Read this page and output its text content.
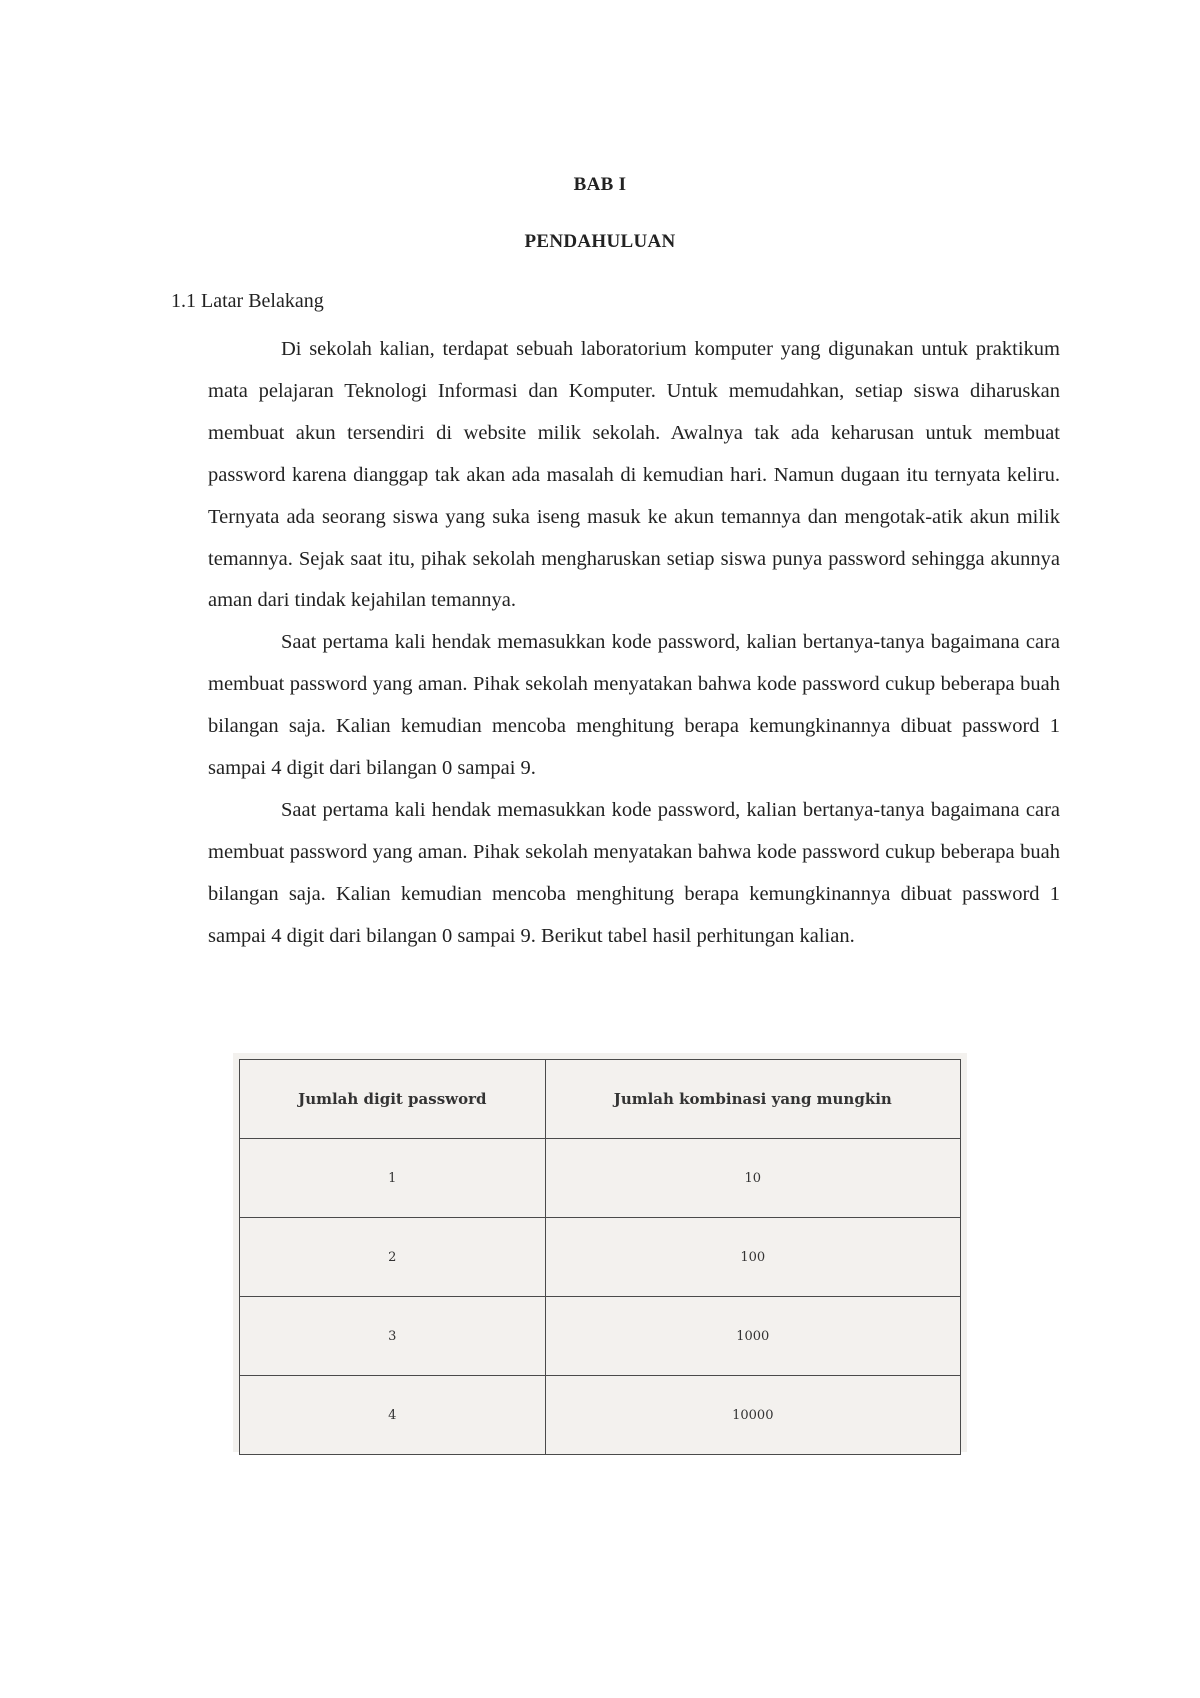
BAB I
PENDAHULUAN
1.1 Latar Belakang

Di sekolah kalian, terdapat sebuah laboratorium komputer yang digunakan untuk praktikum mata pelajaran Teknologi Informasi dan Komputer. Untuk memudahkan, setiap siswa diharuskan membuat akun tersendiri di website milik sekolah. Awalnya tak ada keharusan untuk membuat password karena dianggap tak akan ada masalah di kemudian hari. Namun dugaan itu ternyata keliru. Ternyata ada seorang siswa yang suka iseng masuk ke akun temannya dan mengotak-atik akun milik temannya. Sejak saat itu, pihak sekolah mengharuskan setiap siswa punya password sehingga akunnya aman dari tindak kejahilan temannya.

Saat pertama kali hendak memasukkan kode password, kalian bertanya-tanya bagaimana cara membuat password yang aman. Pihak sekolah menyatakan bahwa kode password cukup beberapa buah bilangan saja. Kalian kemudian mencoba menghitung berapa kemungkinannya dibuat password 1 sampai 4 digit dari bilangan 0 sampai 9.

Saat pertama kali hendak memasukkan kode password, kalian bertanya-tanya bagaimana cara membuat password yang aman. Pihak sekolah menyatakan bahwa kode password cukup beberapa buah bilangan saja. Kalian kemudian mencoba menghitung berapa kemungkinannya dibuat password 1 sampai 4 digit dari bilangan 0 sampai 9. Berikut tabel hasil perhitungan kalian.

Jumlah digit password	Jumlah kombinasi yang mungkin
1	10
2	100
3	1000
4	10000
